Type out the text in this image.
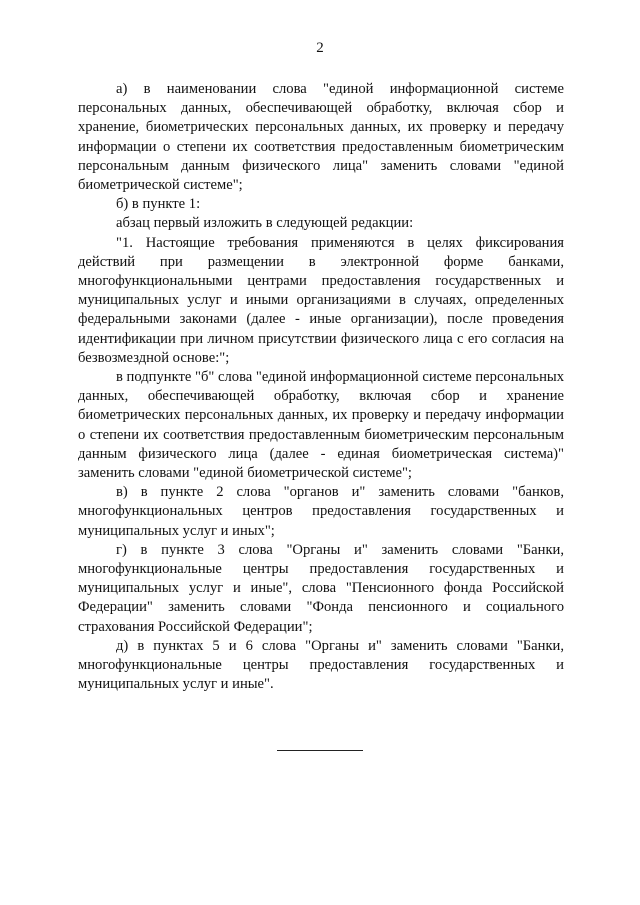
2

а) в наименовании слова "единой информационной системе персональных данных, обеспечивающей обработку, включая сбор и хранение, биометрических персональных данных, их проверку и передачу информации о степени их соответствия предоставленным биометрическим персональным данным физического лица" заменить словами "единой биометрической системе";

б) в пункте 1:

абзац первый изложить в следующей редакции:

"1. Настоящие требования применяются в целях фиксирования действий при размещении в электронной форме банками, многофункциональными центрами предоставления государственных и муниципальных услуг и иными организациями в случаях, определенных федеральными законами (далее - иные организации), после проведения идентификации при личном присутствии физического лица с его согласия на безвозмездной основе:";

в подпункте "б" слова "единой информационной системе персональных данных, обеспечивающей обработку, включая сбор и хранение биометрических персональных данных, их проверку и передачу информации о степени их соответствия предоставленным биометрическим персональным данным физического лица (далее - единая биометрическая система)" заменить словами "единой биометрической системе";

в) в пункте 2 слова "органов и" заменить словами "банков, многофункциональных центров предоставления государственных и муниципальных услуг и иных";

г) в пункте 3 слова "Органы и" заменить словами "Банки, многофункциональные центры предоставления государственных и муниципальных услуг и иные", слова "Пенсионного фонда Российской Федерации" заменить словами "Фонда пенсионного и социального страхования Российской Федерации";

д) в пунктах 5 и 6 слова "Органы и" заменить словами "Банки, многофункциональные центры предоставления государственных и муниципальных услуг и иные".
